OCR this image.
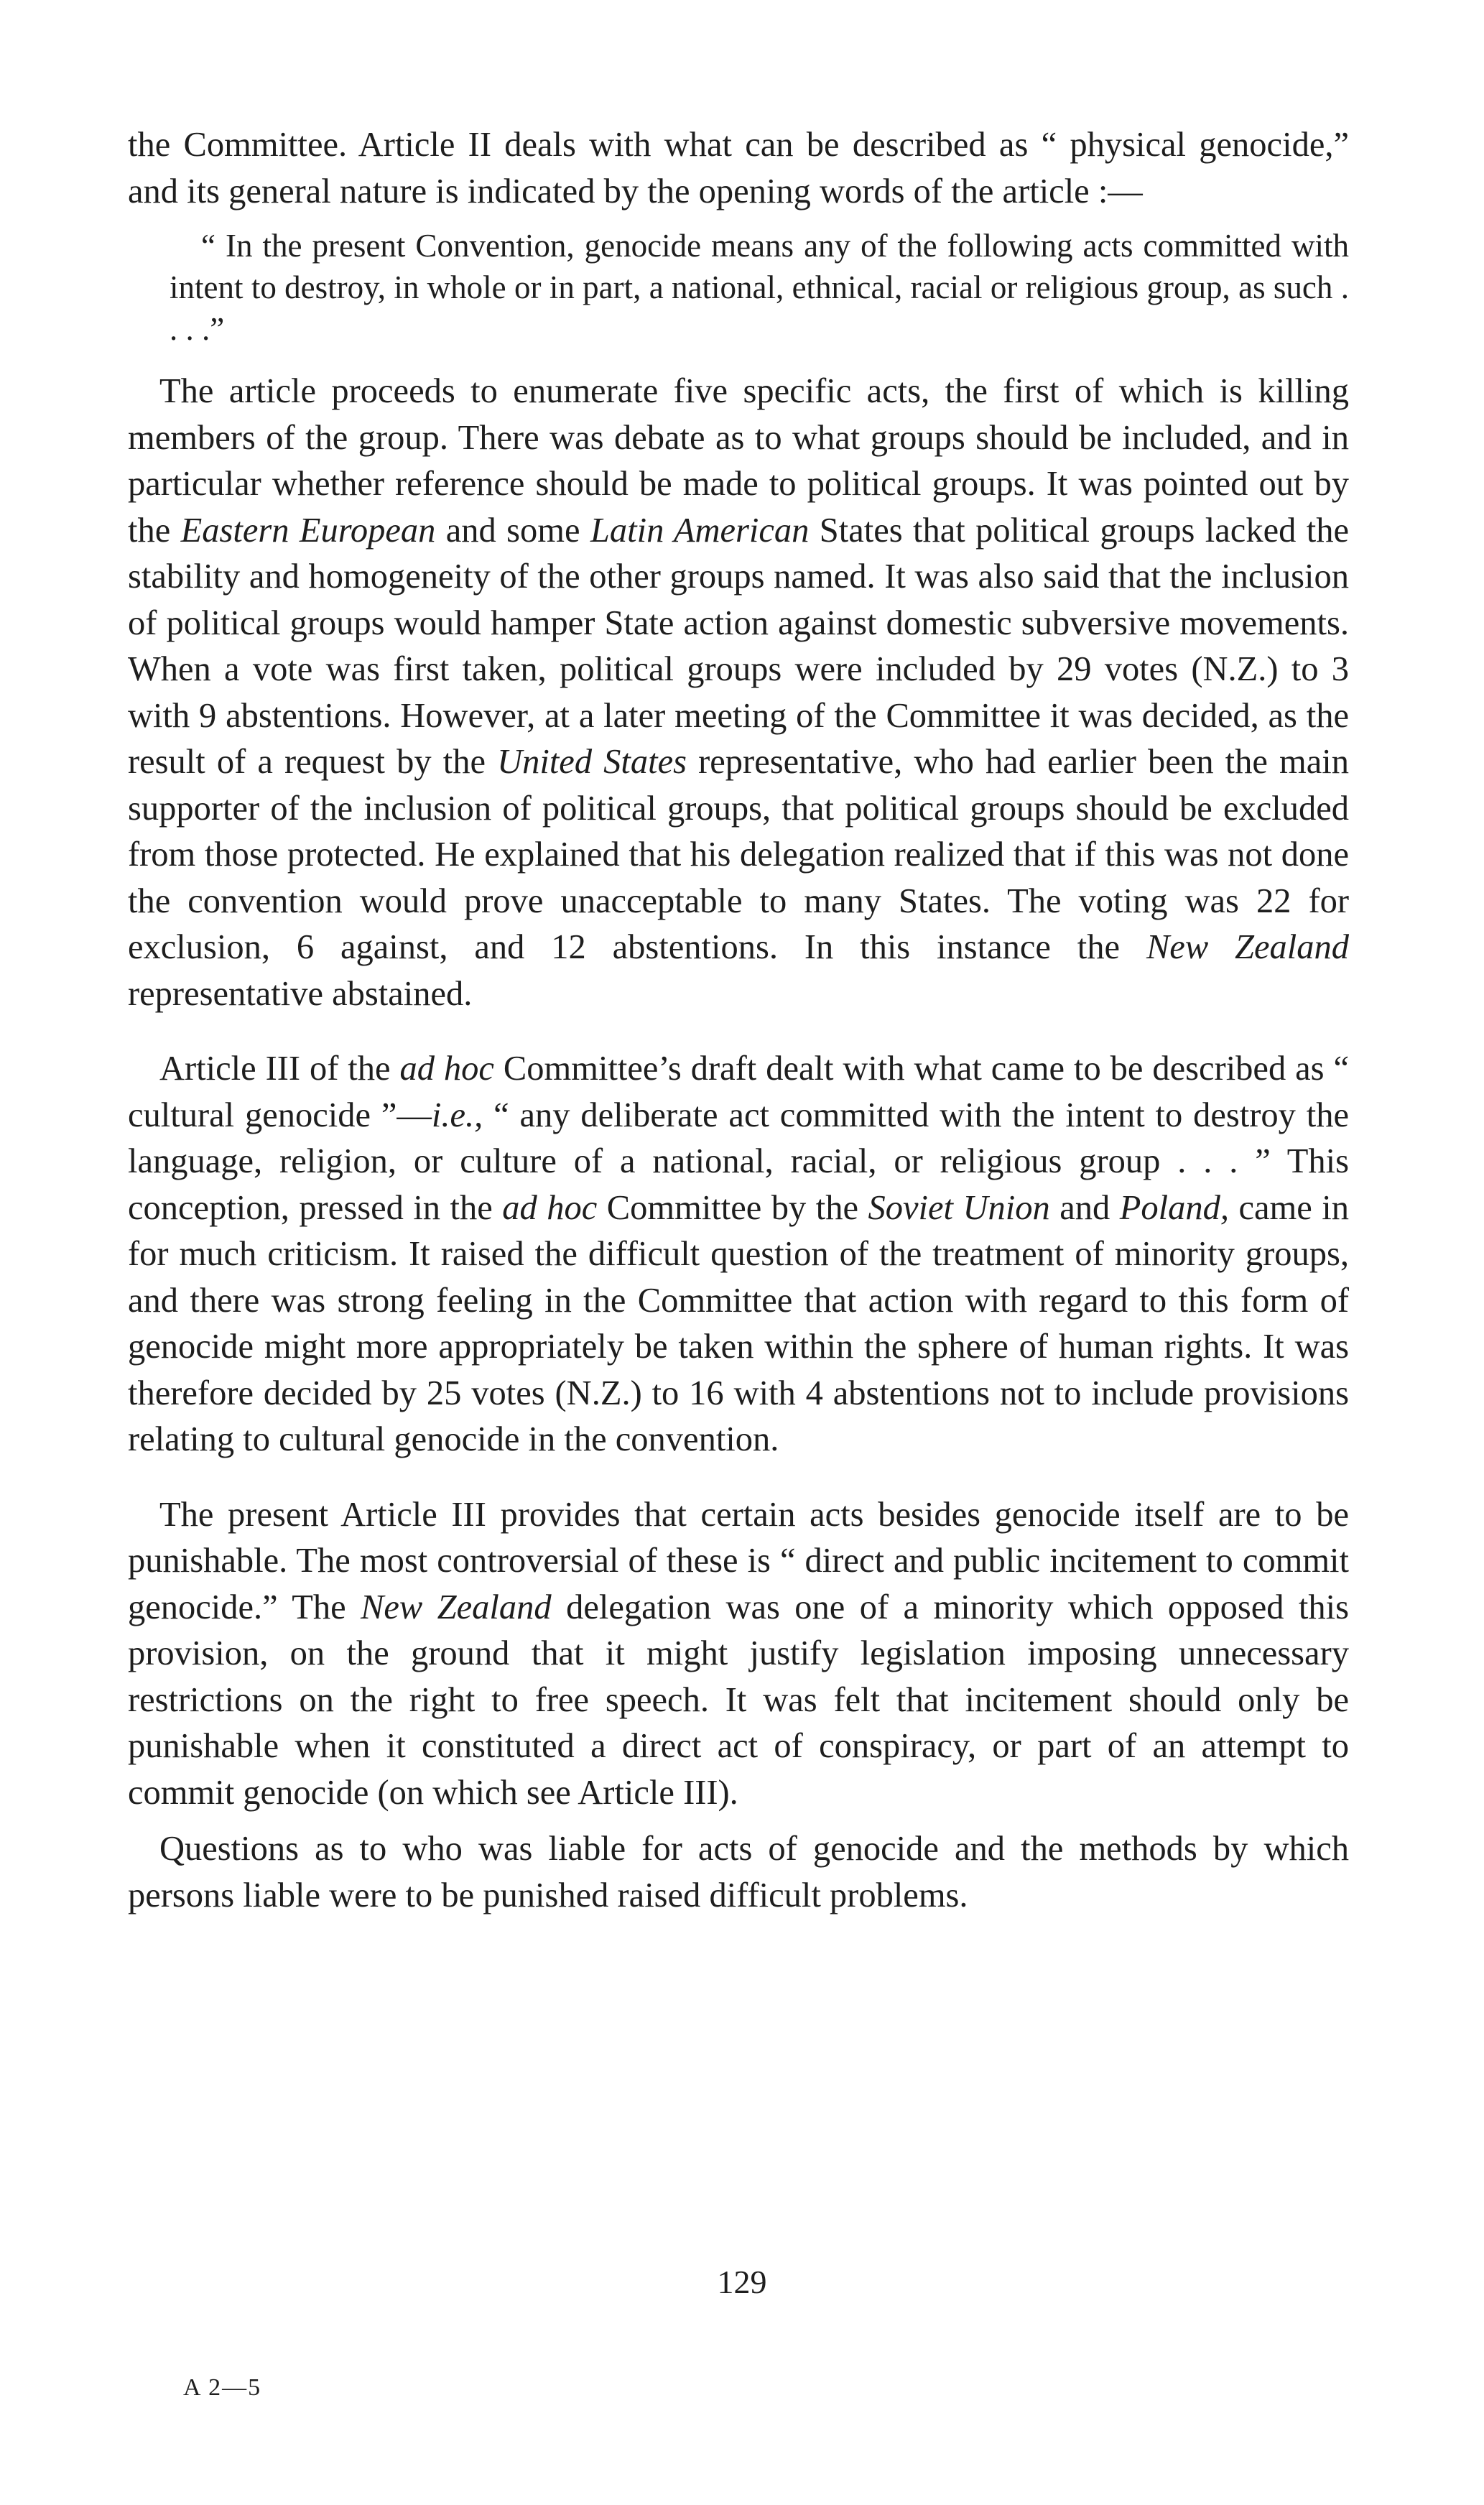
the Committee. Article II deals with what can be described as “ physical genocide,” and its general nature is indicated by the opening words of the article :—

“ In the present Convention, genocide means any of the following acts committed with intent to destroy, in whole or in part, a national, ethnical, racial or religious group, as such . . . .”

The article proceeds to enumerate five specific acts, the first of which is killing members of the group. There was debate as to what groups should be included, and in particular whether reference should be made to political groups. It was pointed out by the Eastern European and some Latin American States that political groups lacked the stability and homogeneity of the other groups named. It was also said that the inclusion of political groups would hamper State action against domestic subversive movements. When a vote was first taken, political groups were included by 29 votes (N.Z.) to 3 with 9 abstentions. However, at a later meeting of the Committee it was decided, as the result of a request by the United States representative, who had earlier been the main supporter of the inclusion of political groups, that political groups should be excluded from those protected. He explained that his delegation realized that if this was not done the convention would prove unacceptable to many States. The voting was 22 for exclusion, 6 against, and 12 abstentions. In this instance the New Zealand representative abstained.

Article III of the ad hoc Committee’s draft dealt with what came to be described as “ cultural genocide ”—i.e., “ any deliberate act committed with the intent to destroy the language, religion, or culture of a national, racial, or religious group . . . ” This conception, pressed in the ad hoc Committee by the Soviet Union and Poland, came in for much criticism. It raised the difficult question of the treatment of minority groups, and there was strong feeling in the Committee that action with regard to this form of genocide might more appropriately be taken within the sphere of human rights. It was therefore decided by 25 votes (N.Z.) to 16 with 4 abstentions not to include provisions relating to cultural genocide in the convention.

The present Article III provides that certain acts besides genocide itself are to be punishable. The most controversial of these is “ direct and public incitement to commit genocide.” The New Zealand delegation was one of a minority which opposed this provision, on the ground that it might justify legislation imposing unnecessary restrictions on the right to free speech. It was felt that incitement should only be punishable when it constituted a direct act of conspiracy, or part of an attempt to commit genocide (on which see Article III).

Questions as to who was liable for acts of genocide and the methods by which persons liable were to be punished raised difficult problems.

129
A 2—5
